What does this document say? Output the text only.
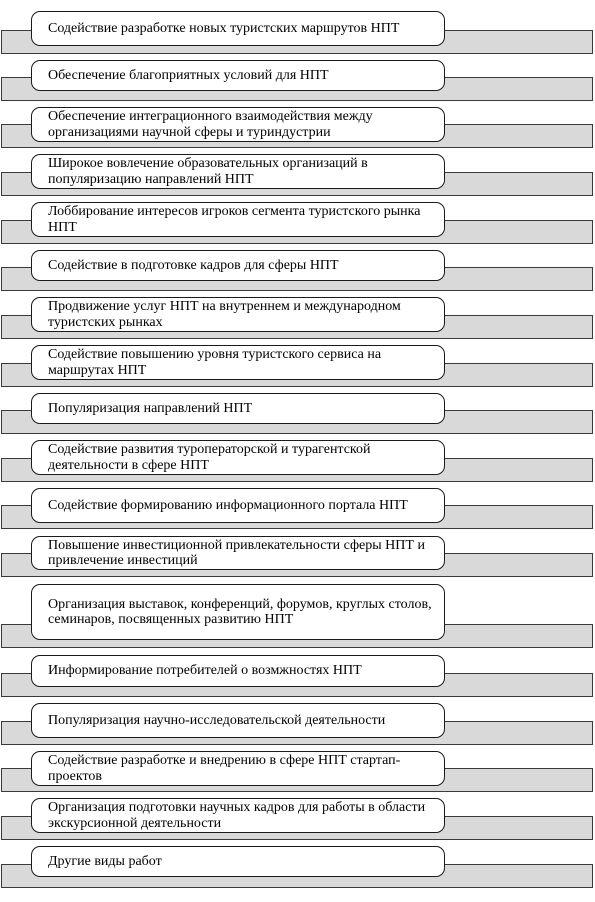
Содействие разработке новых туристских маршрутов НПТ
Обеспечение благоприятных условий для НПТ
Обеспечение интеграционного взаимодействия между организациями научной сферы и туриндустрии
Широкое вовлечение образовательных организаций в популяризацию направлений НПТ
Лоббирование интересов игроков сегмента туристского рынка НПТ
Содействие в подготовке кадров для сферы НПТ
Продвижение услуг НПТ на внутреннем и международном туристских рынках
Содействие повышению уровня туристского сервиса на маршрутах НПТ
Популяризация направлений НПТ
Содействие развития туроператорской и турагентской деятельности в сфере НПТ
Содействие формированию информационного портала НПТ
Повышение инвестиционной привлекательности сферы НПТ и привлечение инвестиций
Организация выставок, конференций, форумов, круглых столов, семинаров, посвященных развитию НПТ
Информирование потребителей о возмжностях НПТ
Популяризация научно-исследовательской деятельности
Содействие разработке и внедрению в сфере НПТ стартап-проектов
Организация подготовки научных кадров для работы в области экскурсионной деятельности
Другие виды работ
